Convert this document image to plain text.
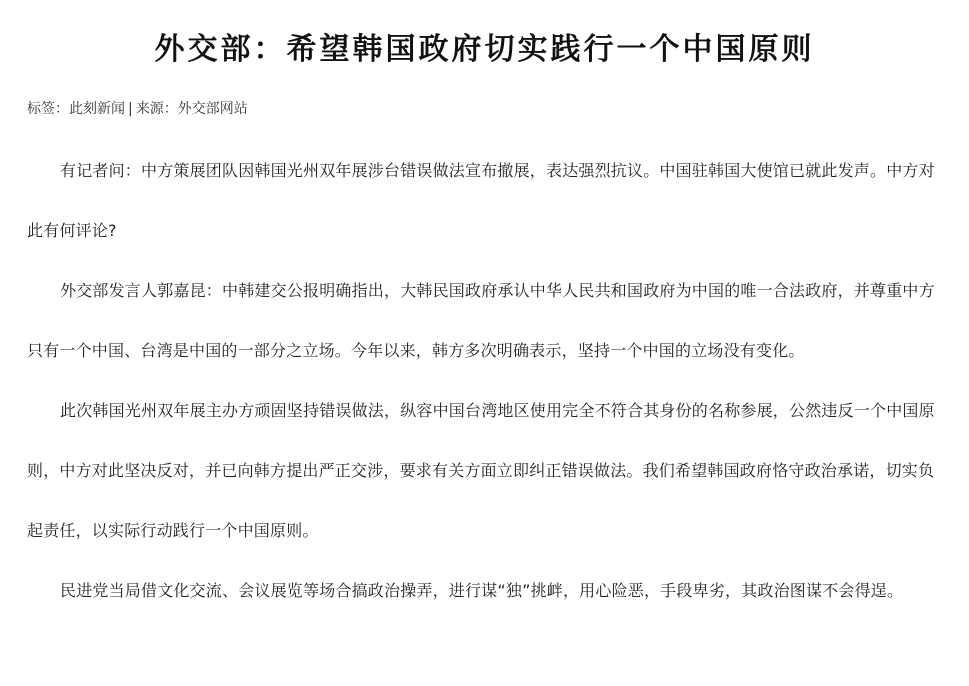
外交部：希望韩国政府切实践行一个中国原则
标签：此刻新闻 | 来源：外交部网站

有记者问：中方策展团队因韩国光州双年展涉台错误做法宣布撤展，表达强烈抗议。中国驻韩国大使馆已就此发声。中方对此有何评论?

外交部发言人郭嘉昆：中韩建交公报明确指出，大韩民国政府承认中华人民共和国政府为中国的唯一合法政府，并尊重中方只有一个中国、台湾是中国的一部分之立场。今年以来，韩方多次明确表示，坚持一个中国的立场没有变化。

此次韩国光州双年展主办方顽固坚持错误做法，纵容中国台湾地区使用完全不符合其身份的名称参展，公然违反一个中国原则，中方对此坚决反对，并已向韩方提出严正交涉，要求有关方面立即纠正错误做法。我们希望韩国政府恪守政治承诺，切实负起责任，以实际行动践行一个中国原则。

民进党当局借文化交流、会议展览等场合搞政治操弄，进行谋“独”挑衅，用心险恶，手段卑劣，其政治图谋不会得逞。
